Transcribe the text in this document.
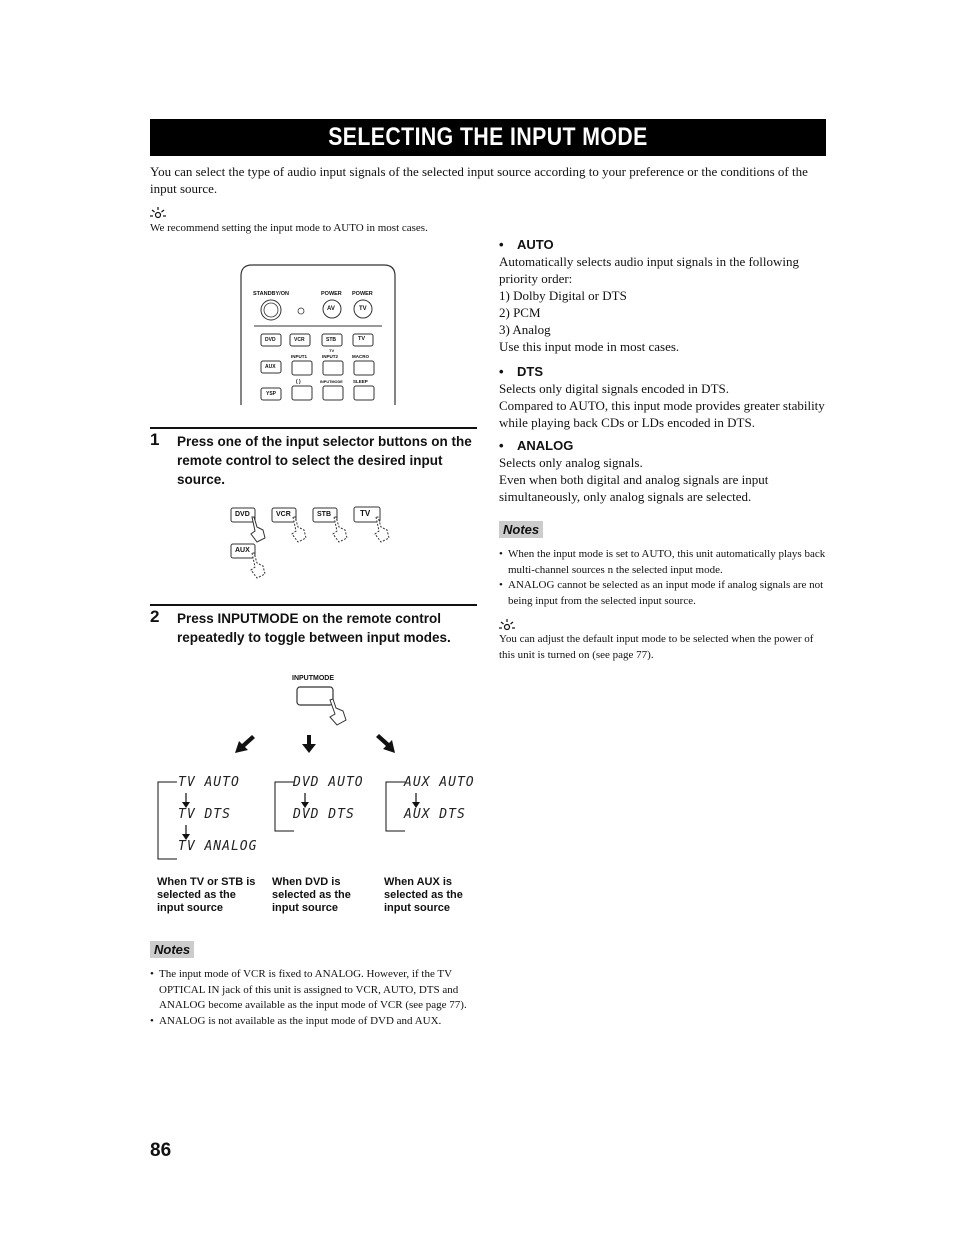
SELECTING THE INPUT MODE
You can select the type of audio input signals of the selected input source according to your preference or the conditions of the input source.
We recommend setting the input mode to AUTO in most cases.
STANDBY/ON	POWER POWER
AV	TV
DVD	VCR	STB	TV
TV
INPUT1	INPUT2	MACRO
AUX
( )	INPUTMODE SLEEP
YSP
1 Press one of the input selector buttons on the remote control to select the desired input source.
DVD	VCR	STB	TV
AUX
2 Press INPUTMODE on the remote control repeatedly to toggle between input modes.
INPUTMODE
TV AUTO
TV DTS
TV ANALOG
DVD AUTO
DVD DTS
AUX AUTO
AUX DTS
When TV or STB is selected as the input source
When DVD is selected as the input source
When AUX is selected as the input source
Notes
• The input mode of VCR is fixed to ANALOG. However, if the TV OPTICAL IN jack of this unit is assigned to VCR, AUTO, DTS and ANALOG become available as the input mode of VCR (see page 77).
• ANALOG is not available as the input mode of DVD and AUX.
• AUTO
Automatically selects audio input signals in the following priority order:
1) Dolby Digital or DTS
2) PCM
3) Analog
Use this input mode in most cases.
• DTS
Selects only digital signals encoded in DTS.
Compared to AUTO, this input mode provides greater stability while playing back CDs or LDs encoded in DTS.
• ANALOG
Selects only analog signals.
Even when both digital and analog signals are input simultaneously, only analog signals are selected.
Notes
• When the input mode is set to AUTO, this unit automatically plays back multi-channel sources n the selected input mode.
• ANALOG cannot be selected as an input mode if analog signals are not being input from the selected input source.
You can adjust the default input mode to be selected when the power of this unit is turned on (see page 77).
86
